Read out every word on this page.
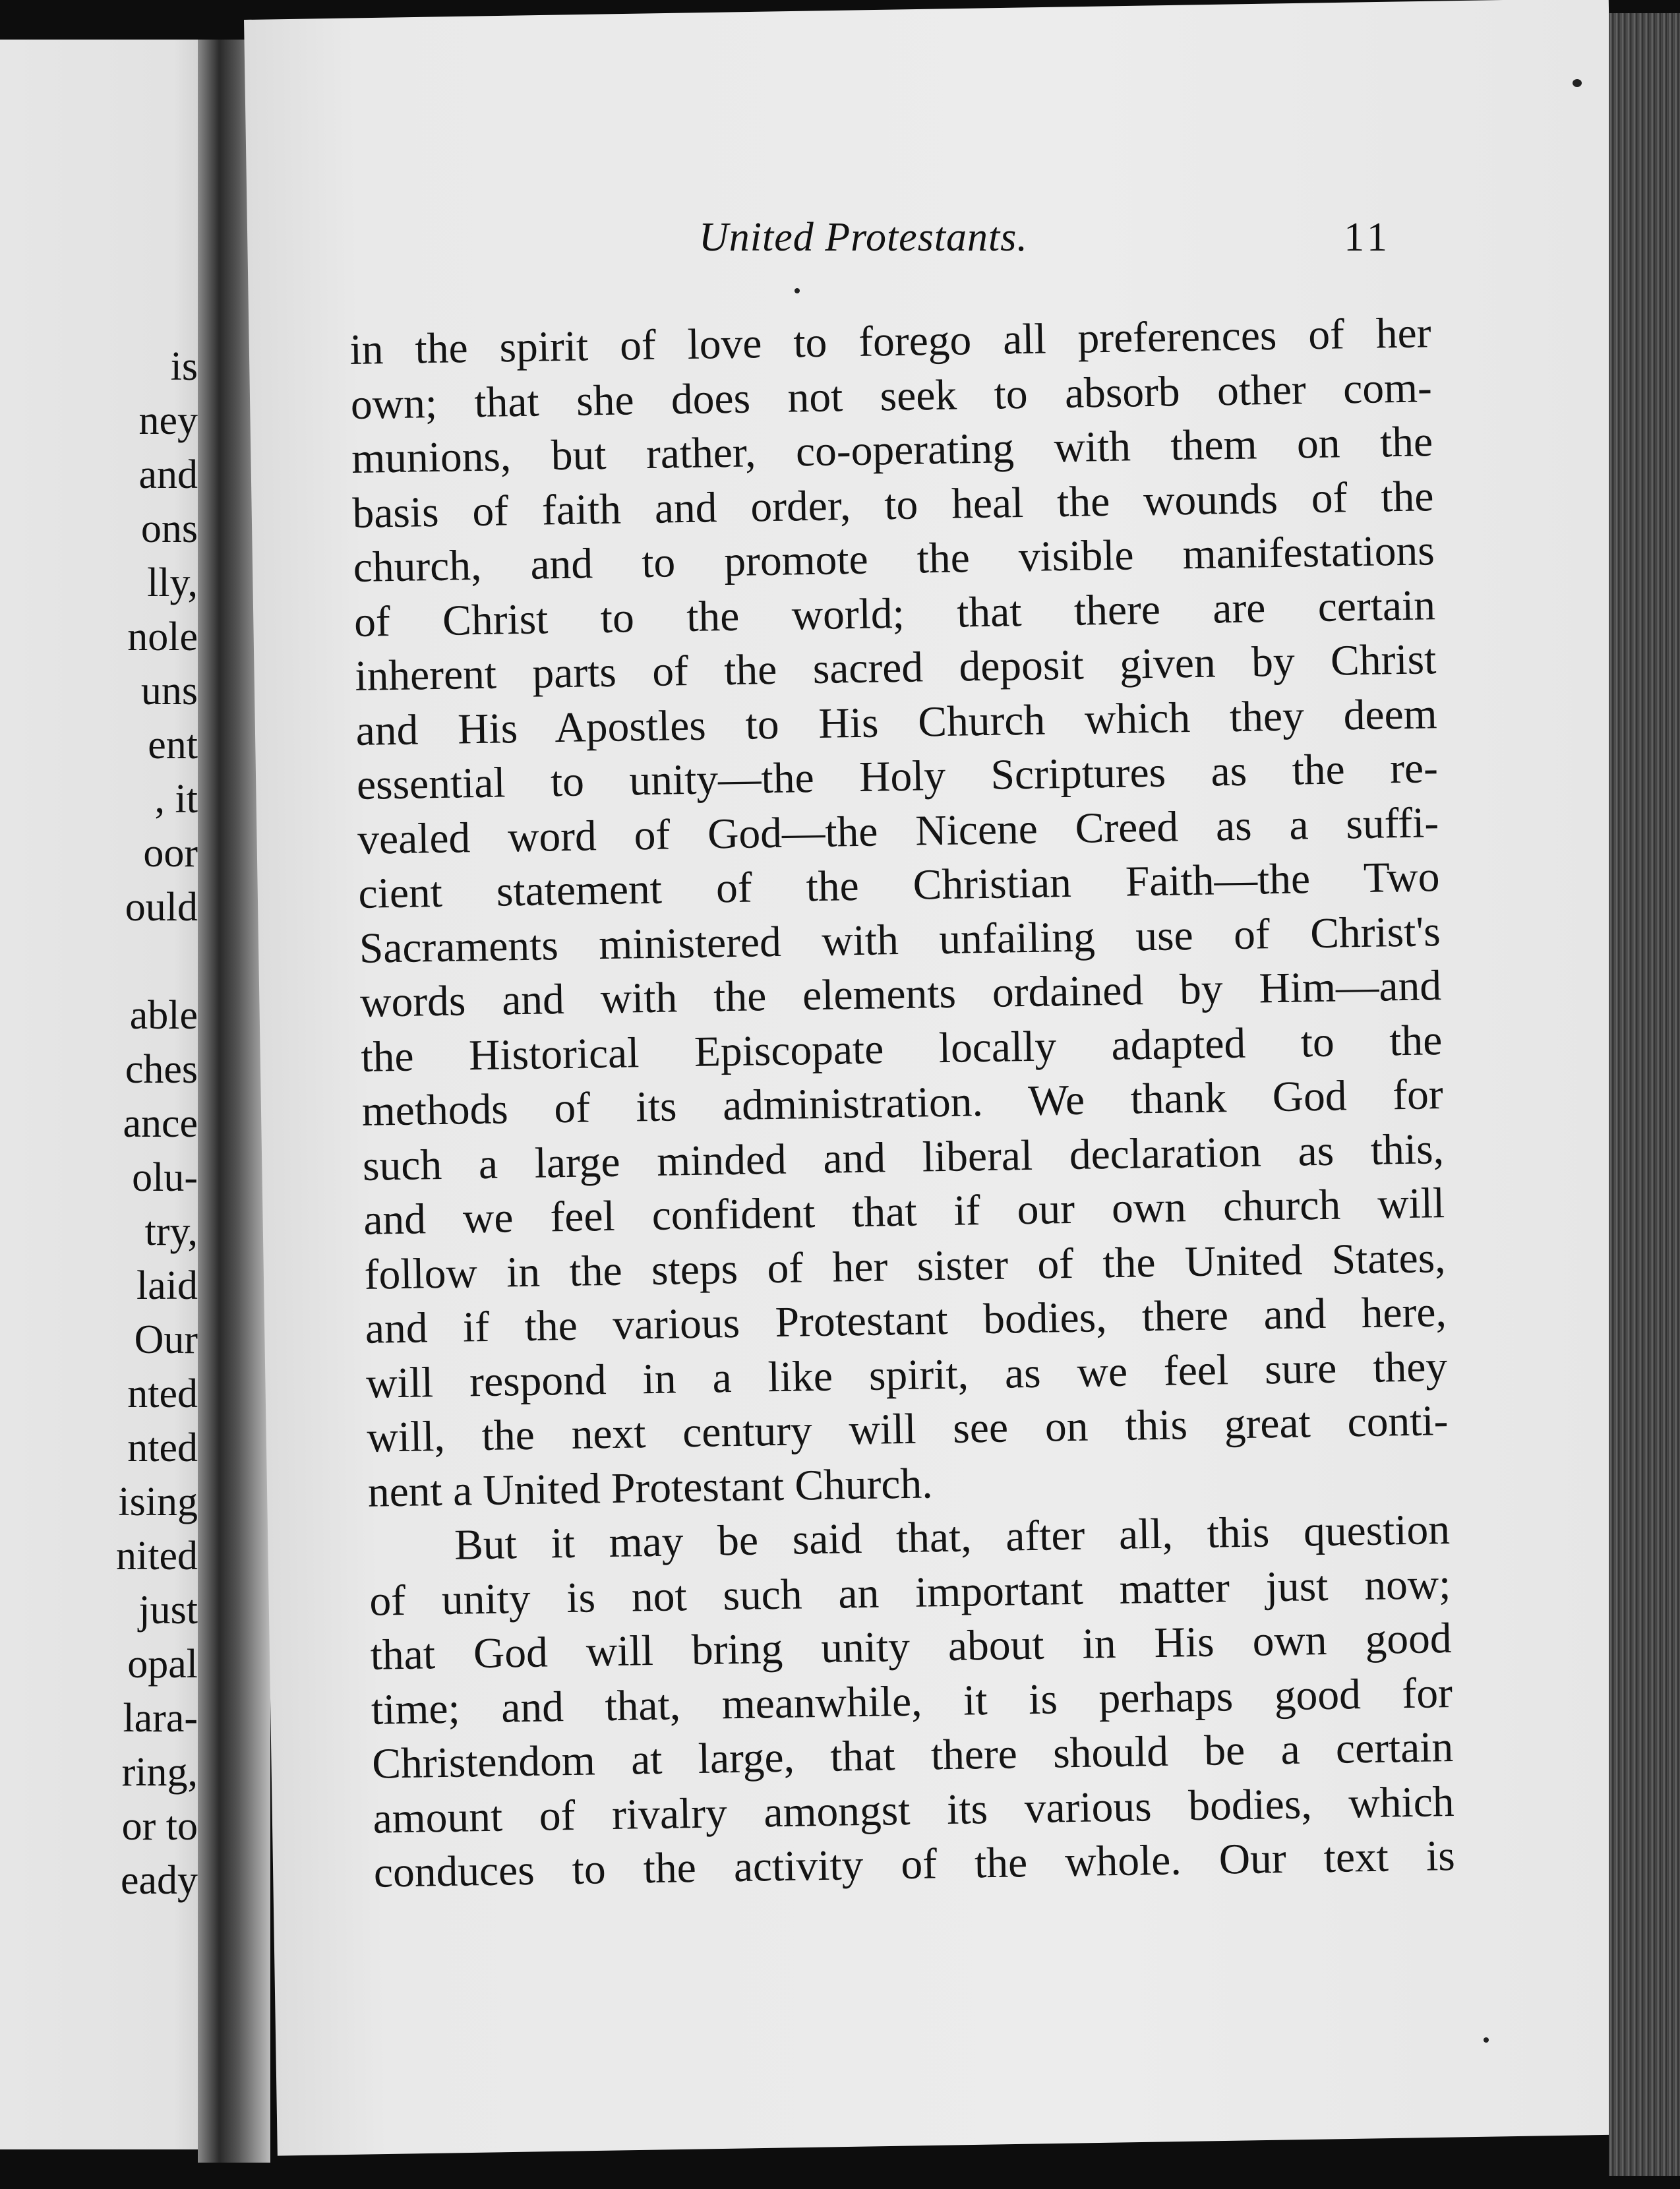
is
ney
and
ons
lly,
nole
uns
ent
, it
oor
ould
able
ches
ance
olu-
try,
laid
Our
nted
nted
ising
nited
just
opal
lara-
ring,
or to
eady
United Protestants.	11
in the spirit of love to forego all preferences of her
own; that she does not seek to absorb other com-
munions, but rather, co-operating with them on the
basis of faith and order, to heal the wounds of the
church, and to promote the visible manifestations
of Christ to the world; that there are certain
inherent parts of the sacred deposit given by Christ
and His Apostles to His Church which they deem
essential to unity—the Holy Scriptures as the re-
vealed word of God—the Nicene Creed as a suffi-
cient statement of the Christian Faith—the Two
Sacraments ministered with unfailing use of Christ's
words and with the elements ordained by Him—and
the Historical Episcopate locally adapted to the
methods of its administration. We thank God for
such a large minded and liberal declaration as this,
and we feel confident that if our own church will
follow in the steps of her sister of the United States,
and if the various Protestant bodies, there and here,
will respond in a like spirit, as we feel sure they
will, the next century will see on this great conti-
nent a United Protestant Church.
But it may be said that, after all, this question
of unity is not such an important matter just now;
that God will bring unity about in His own good
time; and that, meanwhile, it is perhaps good for
Christendom at large, that there should be a certain
amount of rivalry amongst its various bodies, which
conduces to the activity of the whole. Our text is
